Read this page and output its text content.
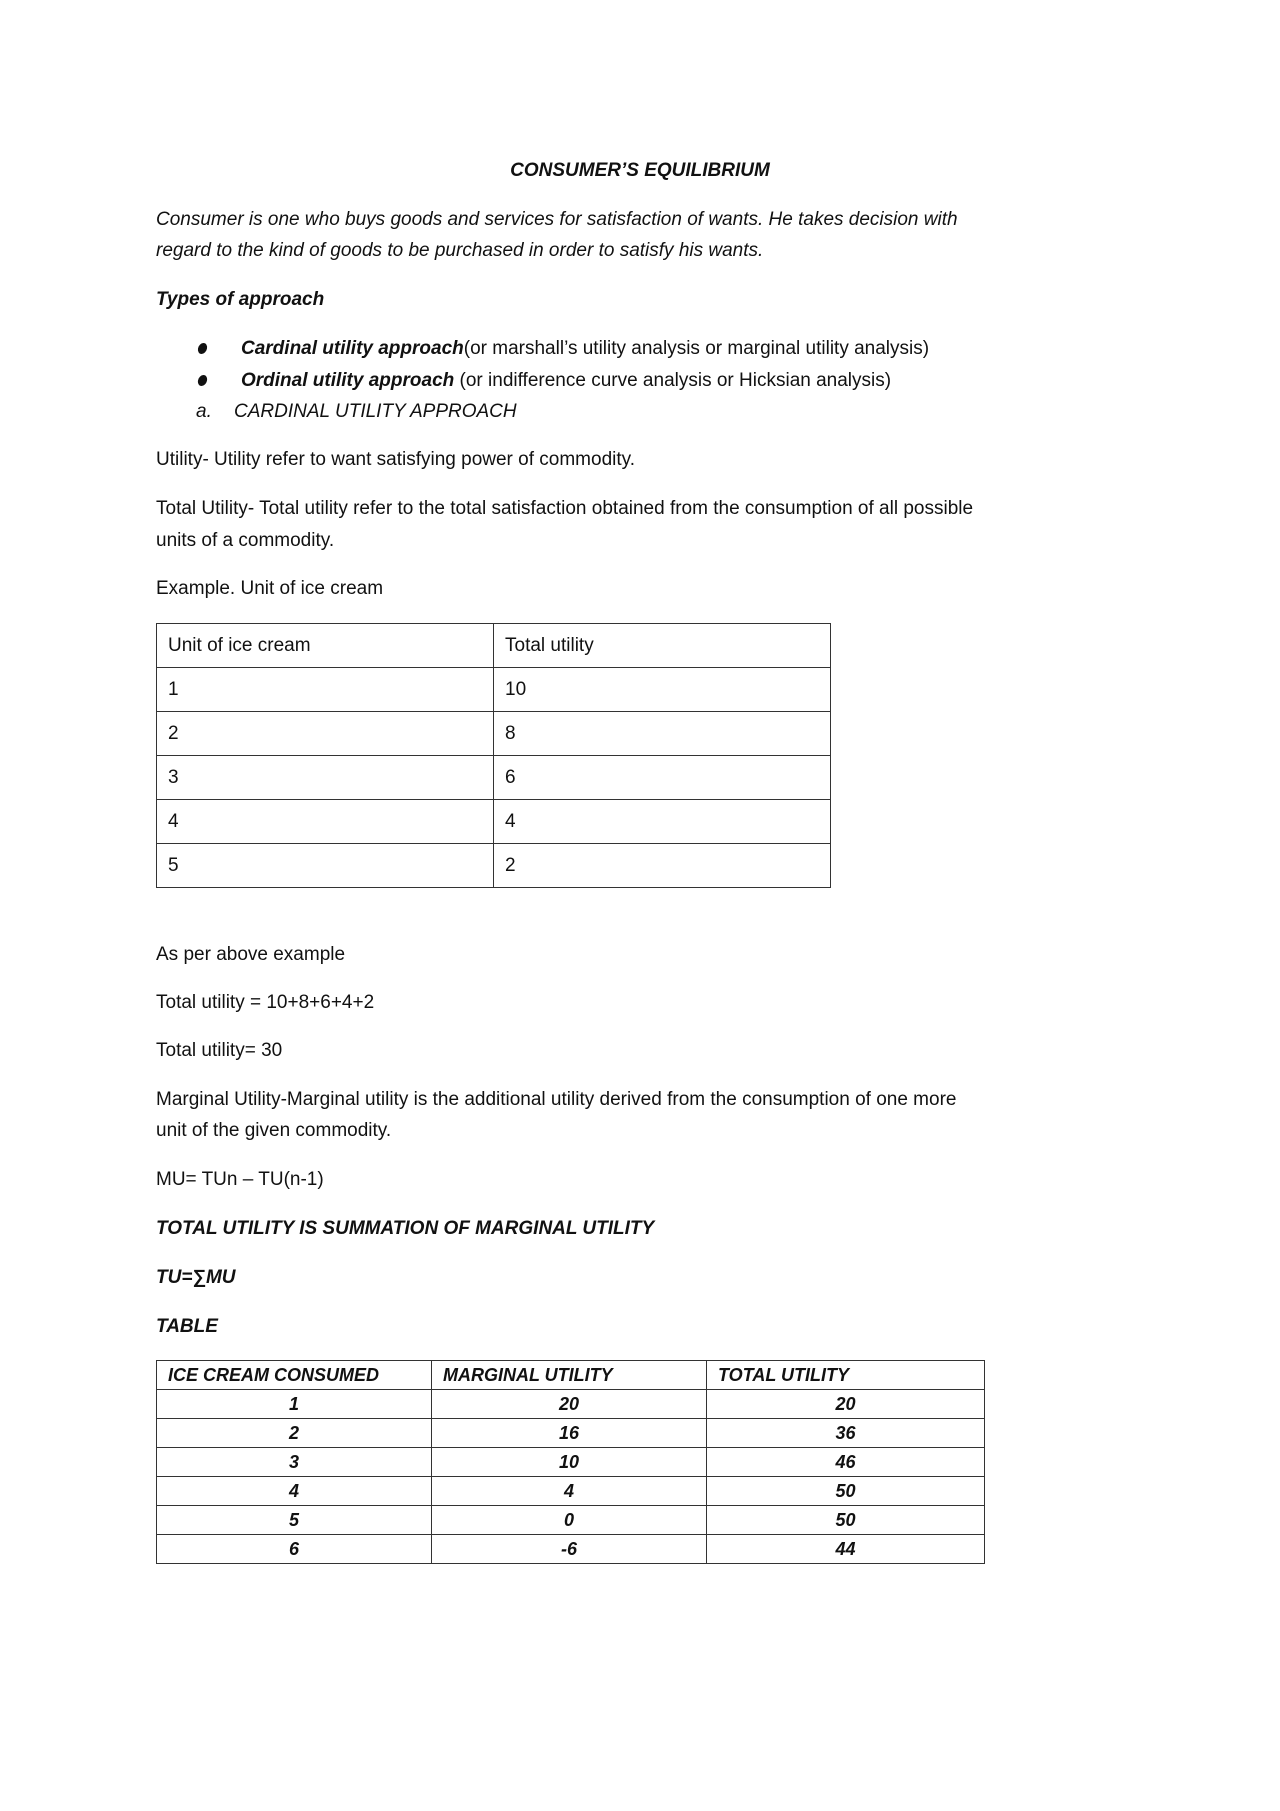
CONSUMER’S EQUILIBRIUM
Consumer is one who buys goods and services for satisfaction of wants. He takes decision with
regard to the kind of goods to be purchased in order to satisfy his wants.
Types of approach
Cardinal utility approach(or marshall’s utility analysis or marginal utility analysis)
Ordinal utility approach (or indifference curve analysis or Hicksian analysis)
a. CARDINAL UTILITY APPROACH
Utility- Utility refer to want satisfying power of commodity.
Total Utility- Total utility refer to the total satisfaction obtained from the consumption of all possible
units of a commodity.
Example. Unit of ice cream
Unit of ice cream	Total utility
1	10
2	8
3	6
4	4
5	2
As per above example
Total utility = 10+8+6+4+2
Total utility= 30
Marginal Utility-Marginal utility is the additional utility derived from the consumption of one more
unit of the given commodity.
MU= TUn – TU(n-1)
TOTAL UTILITY IS SUMMATION OF MARGINAL UTILITY
TU=∑MU
TABLE
ICE CREAM CONSUMED	MARGINAL UTILITY	TOTAL UTILITY
1	20	20
2	16	36
3	10	46
4	4	50
5	0	50
6	-6	44
